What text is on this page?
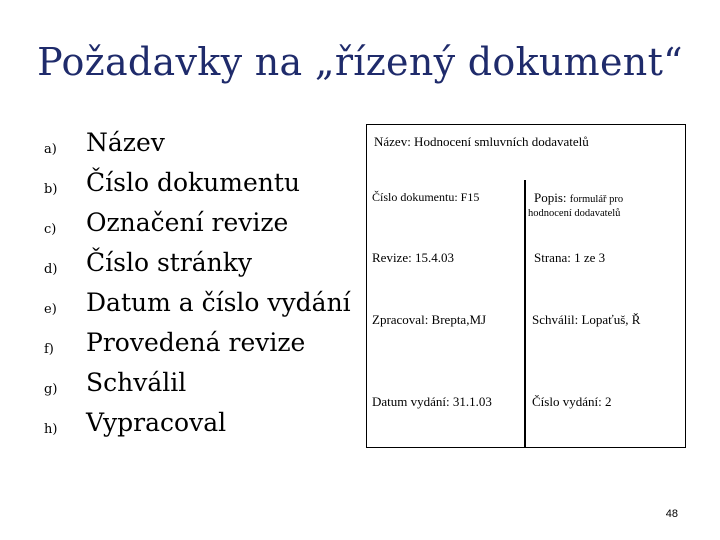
Požadavky na „řízený dokument“
a) Název
b) Číslo dokumentu
c) Označení revize
d) Číslo stránky
e) Datum a číslo vydání
f) Provedená revize
g) Schválil
h) Vypracoval
Název: Hodnocení smluvních dodavatelů
Číslo dokumentu: F15	Popis: formulář pro
hodnocení dodavatelů
Revize: 15.4.03	Strana: 1 ze 3
Zpracoval: Brepta,MJ	Schválil: Lopaťuš, Ř
Datum vydání: 31.1.03	Číslo vydání: 2
48
